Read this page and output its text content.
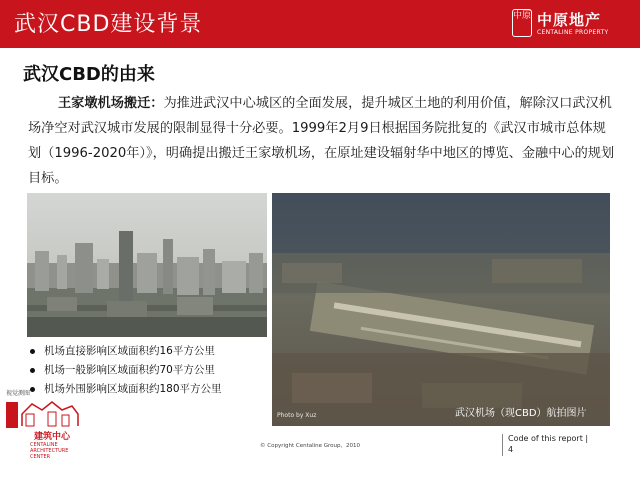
武汉CBD建设背景	中原 中原地产
CENTALINE PROPERTY
武汉CBD的由来
王家墩机场搬迁：为推进武汉中心城区的全面发展，提升城区土地的利用价值，解除汉口武汉机场净空对武汉城市发展的限制显得十分必要。1999年2月9日根据国务院批复的《武汉市城市总体规划（1996-2020年）》，明确提出搬迁王家墩机场，在原址建设辐射华中地区的博览、金融中心的规划目标。
Photo by Xuz	武汉机场（现CBD）航拍图片
机场直接影响区域面积约16平方公里
机场一般影响区域面积约70平方公里
机场外围影响区域面积约180平方公里
视觉测图
建筑中心
CENTALINE ARCHITECTURE CENTER
© Copyright Centaline Group，2010
Code of this report |
4
